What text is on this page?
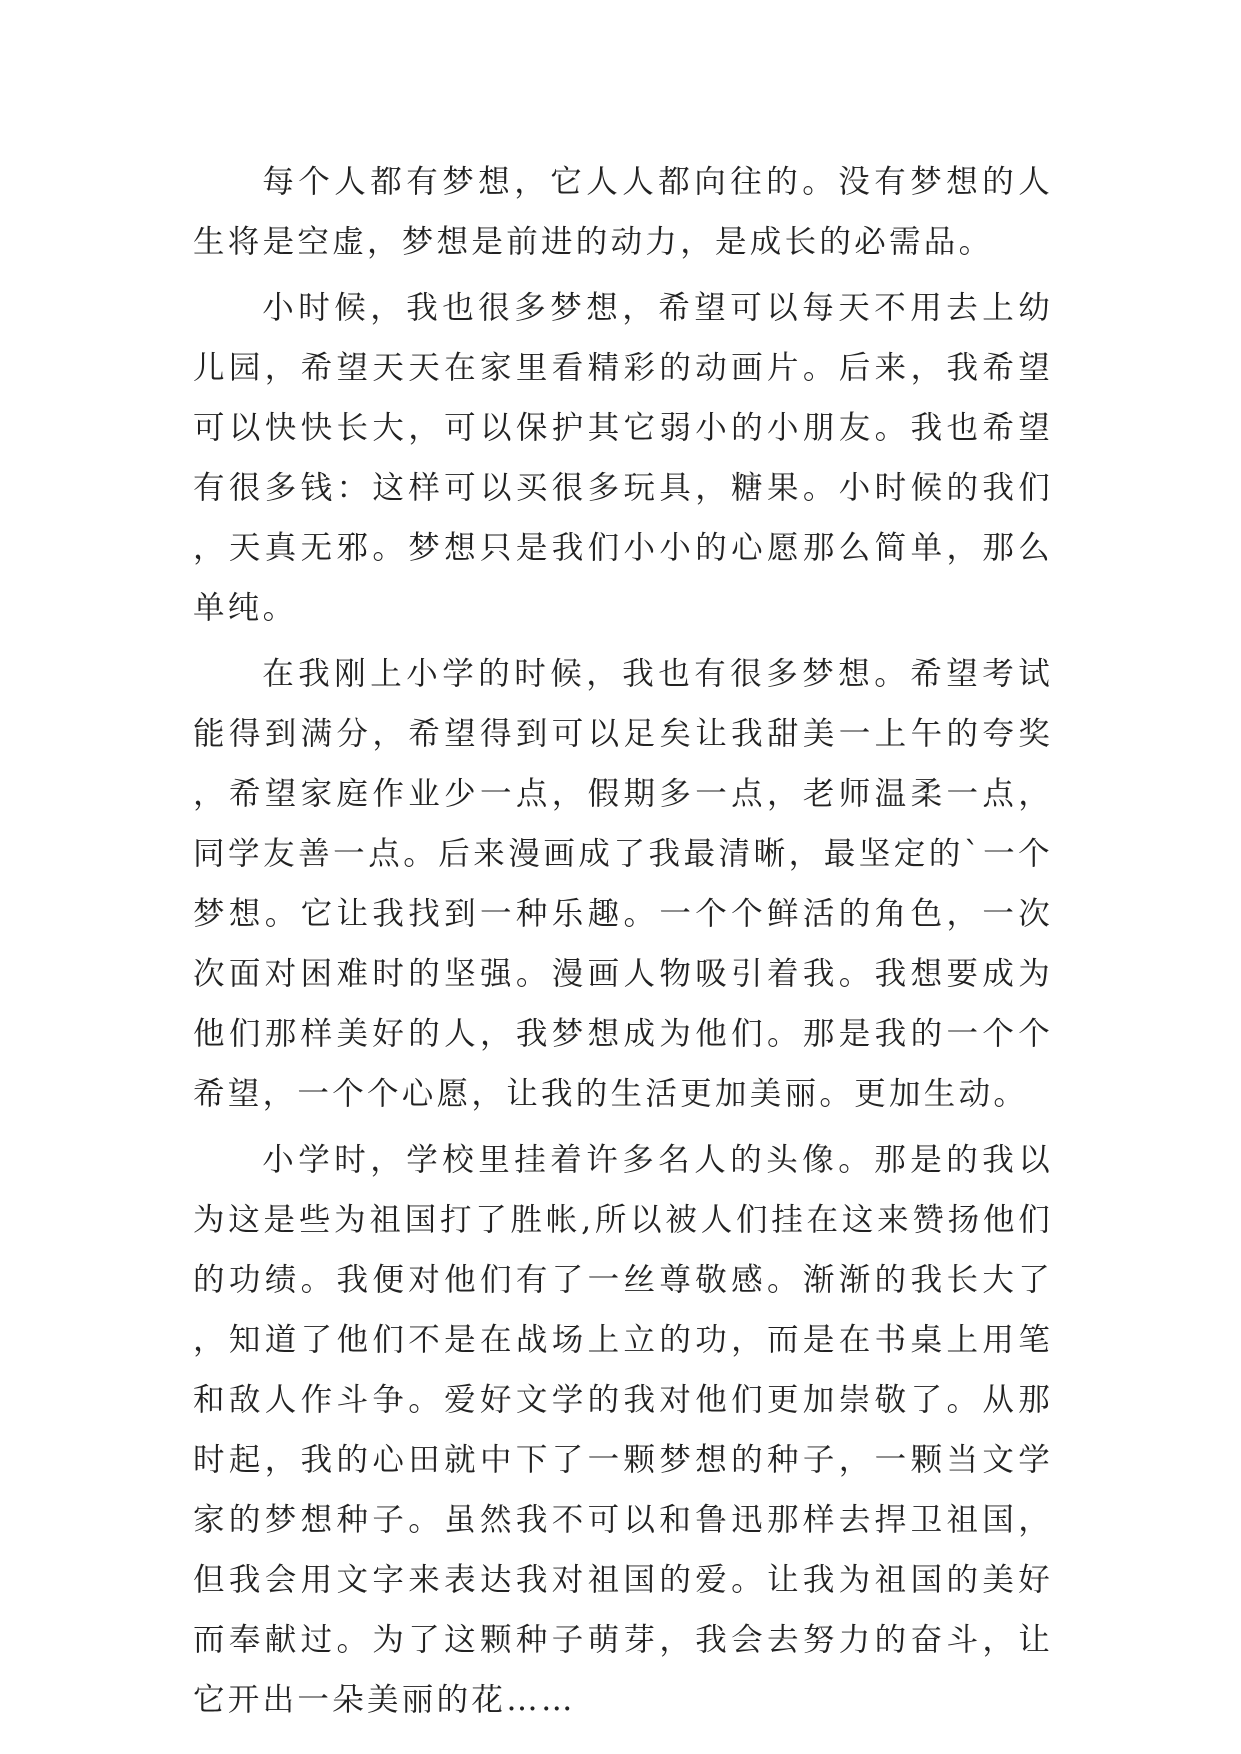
每个人都有梦想，它人人都向往的。没有梦想的人生将是空虚，梦想是前进的动力，是成长的必需品。

小时候，我也很多梦想，希望可以每天不用去上幼儿园，希望天天在家里看精彩的动画片。后来，我希望可以快快长大，可以保护其它弱小的小朋友。我也希望有很多钱：这样可以买很多玩具，糖果。小时候的我们，天真无邪。梦想只是我们小小的心愿那么简单，那么单纯。

在我刚上小学的时候，我也有很多梦想。希望考试能得到满分，希望得到可以足矣让我甜美一上午的夸奖，希望家庭作业少一点，假期多一点，老师温柔一点，同学友善一点。后来漫画成了我最清晰，最坚定的`一个梦想。它让我找到一种乐趣。一个个鲜活的角色，一次次面对困难时的坚强。漫画人物吸引着我。我想要成为他们那样美好的人，我梦想成为他们。那是我的一个个希望，一个个心愿，让我的生活更加美丽。更加生动。

小学时，学校里挂着许多名人的头像。那是的我以为这是些为祖国打了胜帐,所以被人们挂在这来赞扬他们的功绩。我便对他们有了一丝尊敬感。渐渐的我长大了，知道了他们不是在战场上立的功，而是在书桌上用笔和敌人作斗争。爱好文学的我对他们更加崇敬了。从那时起，我的心田就中下了一颗梦想的种子，一颗当文学家的梦想种子。虽然我不可以和鲁迅那样去捍卫祖国，但我会用文字来表达我对祖国的爱。让我为祖国的美好而奉献过。为了这颗种子萌芽，我会去努力的奋斗，让它开出一朵美丽的花……
